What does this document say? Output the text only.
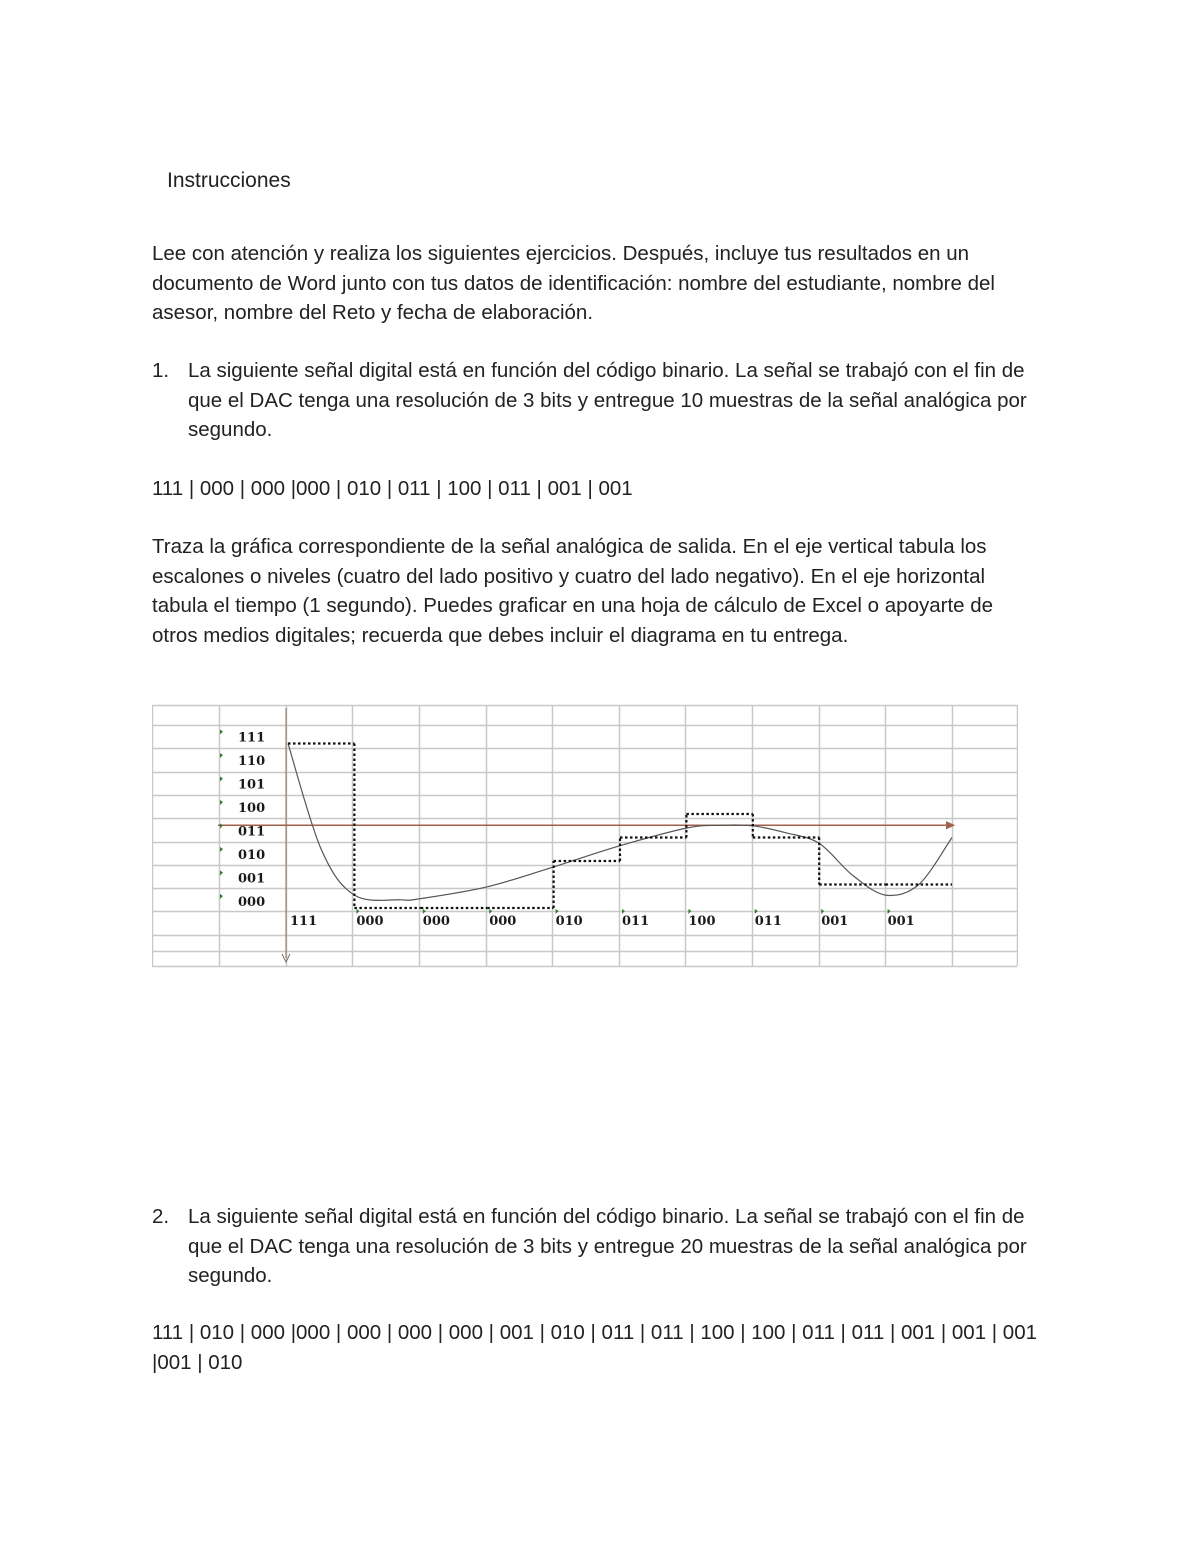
Instrucciones

Lee con atención y realiza los siguientes ejercicios. Después, incluye tus resultados en un documento de Word junto con tus datos de identificación: nombre del estudiante, nombre del asesor, nombre del Reto y fecha de elaboración.

1. La siguiente señal digital está en función del código binario. La señal se trabajó con el fin de que el DAC tenga una resolución de 3 bits y entregue 10 muestras de la señal analógica por segundo.
111 | 000 | 000 |000 | 010 | 011 | 100 | 011 | 001 | 001

Traza la gráfica correspondiente de la señal analógica de salida. En el eje vertical tabula los escalones o niveles (cuatro del lado positivo y cuatro del lado negativo). En el eje horizontal tabula el tiempo (1 segundo). Puedes graficar en una hoja de cálculo de Excel o apoyarte de otros medios digitales; recuerda que debes incluir el diagrama en tu entrega.

111
110
101
100
011
010
001
000
111	000	000	000	010	011	100	011	001	001
2. La siguiente señal digital está en función del código binario. La señal se trabajó con el fin de que el DAC tenga una resolución de 3 bits y entregue 20 muestras de la señal analógica por segundo.
111 | 010 | 000 |000 | 000 | 000 | 000 | 001 | 010 | 011 | 011 | 100 | 100 | 011 | 011 | 001 | 001 | 001 |001 | 010
